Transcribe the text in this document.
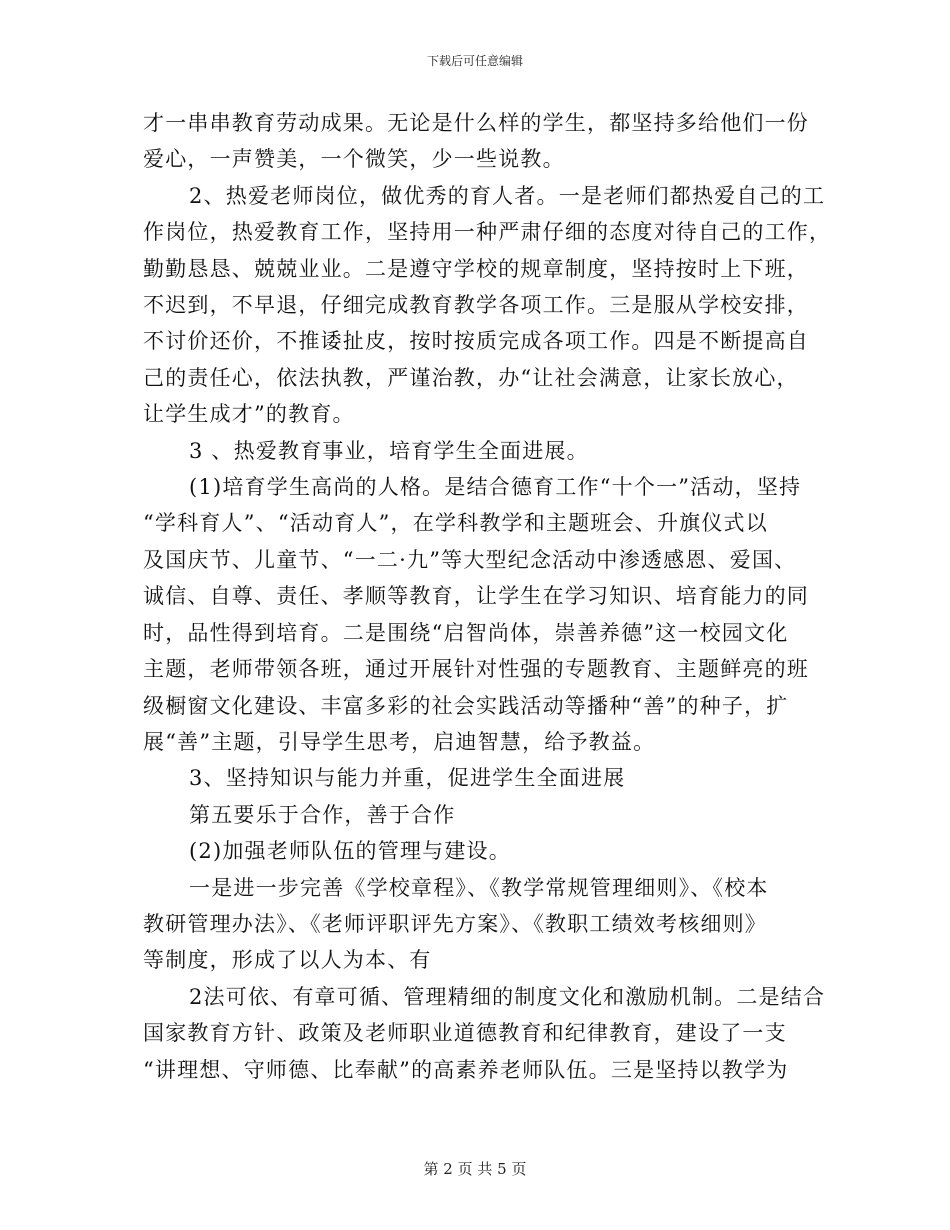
下载后可任意编辑

才一串串教育劳动成果。无论是什么样的学生，都坚持多给他们一份

爱心，一声赞美，一个微笑，少一些说教。

2、热爱老师岗位，做优秀的育人者。一是老师们都热爱自己的工

作岗位，热爱教育工作，坚持用一种严肃仔细的态度对待自己的工作，

勤勤恳恳、兢兢业业。二是遵守学校的规章制度，坚持按时上下班，

不迟到，不早退，仔细完成教育教学各项工作。三是服从学校安排，

不讨价还价，不推诿扯皮，按时按质完成各项工作。四是不断提高自

己的责任心，依法执教，严谨治教，办“让社会满意，让家长放心，

让学生成才”的教育。

3 、热爱教育事业，培育学生全面进展。

(1)培育学生高尚的人格。是结合德育工作“十个一”活动，坚持

“学科育人”、“活动育人”，在学科教学和主题班会、升旗仪式以

及国庆节、儿童节、“一二·九”等大型纪念活动中渗透感恩、爱国、

诚信、自尊、责任、孝顺等教育，让学生在学习知识、培育能力的同

时，品性得到培育。二是围绕“启智尚体，崇善养德”这一校园文化

主题，老师带领各班，通过开展针对性强的专题教育、主题鲜亮的班

级橱窗文化建设、丰富多彩的社会实践活动等播种“善”的种子，扩

展“善”主题，引导学生思考，启迪智慧，给予教益。

3、坚持知识与能力并重，促进学生全面进展

第五要乐于合作，善于合作

(2)加强老师队伍的管理与建设。

一是进一步完善《学校章程》、《教学常规管理细则》、《校本

教研管理办法》、《老师评职评先方案》、《教职工绩效考核细则》

等制度，形成了以人为本、有

2法可依、有章可循、管理精细的制度文化和激励机制。二是结合

国家教育方针、政策及老师职业道德教育和纪律教育，建设了一支

“讲理想、守师德、比奉献”的高素养老师队伍。三是坚持以教学为

第 2 页 共 5 页
